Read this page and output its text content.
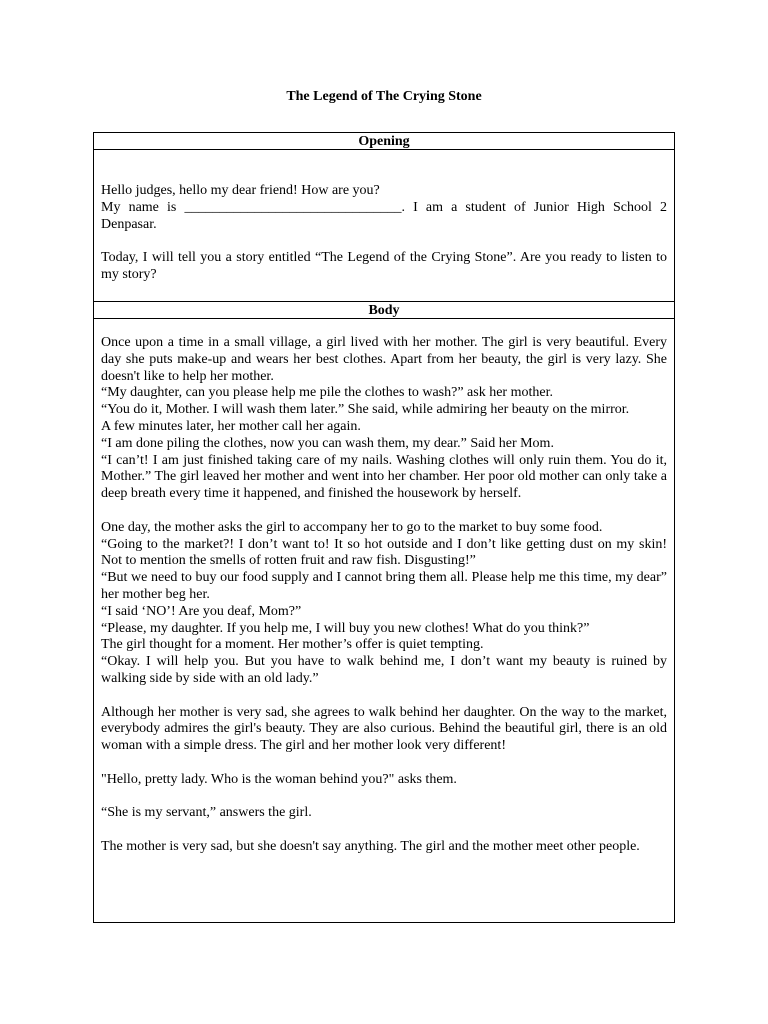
The Legend of The Crying Stone
Opening

Hello judges, hello my dear friend! How are you?
My name is _______________________________. I am a student of Junior High School 2 Denpasar.

Today, I will tell you a story entitled “The Legend of the Crying Stone”. Are you ready to listen to my story?

Body

Once upon a time in a small village, a girl lived with her mother. The girl is very beautiful. Every day she puts make-up and wears her best clothes. Apart from her beauty, the girl is very lazy. She doesn't like to help her mother.
“My daughter, can you please help me pile the clothes to wash?” ask her mother.
“You do it, Mother. I will wash them later.” She said, while admiring her beauty on the mirror.
A few minutes later, her mother call her again.
“I am done piling the clothes, now you can wash them, my dear.” Said her Mom.
“I can’t! I am just finished taking care of my nails. Washing clothes will only ruin them. You do it, Mother.” The girl leaved her mother and went into her chamber. Her poor old mother can only take a deep breath every time it happened, and finished the housework by herself.

One day, the mother asks the girl to accompany her to go to the market to buy some food.
“Going to the market?! I don’t want to! It so hot outside and I don’t like getting dust on my skin! Not to mention the smells of rotten fruit and raw fish. Disgusting!”
“But we need to buy our food supply and I cannot bring them all. Please help me this time, my dear” her mother beg her.
“I said ‘NO’! Are you deaf, Mom?”
“Please, my daughter. If you help me, I will buy you new clothes! What do you think?”
The girl thought for a moment. Her mother’s offer is quiet tempting.
“Okay. I will help you. But you have to walk behind me, I don’t want my beauty is ruined by walking side by side with an old lady.”

Although her mother is very sad, she agrees to walk behind her daughter. On the way to the market, everybody admires the girl's beauty. They are also curious. Behind the beautiful girl, there is an old woman with a simple dress. The girl and her mother look very different!

"Hello, pretty lady. Who is the woman behind you?" asks them.

“She is my servant,” answers the girl.

The mother is very sad, but she doesn't say anything. The girl and the mother meet other people.
